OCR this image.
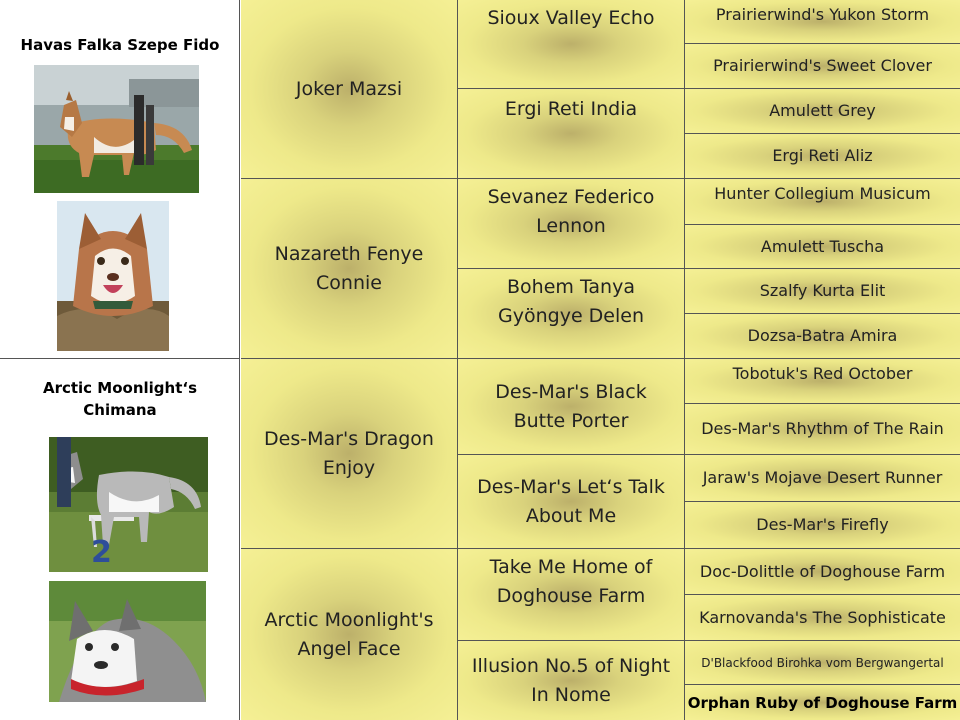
Havas Falka Szepe Fido
Arctic Moonlight‘s Chimana
2
Joker Mazsi
Nazareth Fenye Connie
Des-Mar's Dragon Enjoy
Arctic Moonlight's Angel Face
Sioux Valley Echo
Ergi Reti India
Sevanez Federico Lennon
Bohem Tanya Gyöngye Delen
Des-Mar's Black Butte Porter
Des-Mar's Let‘s Talk About Me
Take Me Home of Doghouse Farm
Illusion No.5 of Night In Nome
Prairierwind's Yukon Storm
Prairierwind's Sweet Clover
Amulett Grey
Ergi Reti Aliz
Hunter Collegium Musicum
Amulett Tuscha
Szalfy Kurta Elit
Dozsa-Batra Amira
Tobotuk's Red October
Des-Mar's Rhythm of The Rain
Jaraw's Mojave Desert Runner
Des-Mar's Firefly
Doc-Dolittle of Doghouse Farm
Karnovanda's The Sophisticate
D'Blackfood Birohka vom Bergwangertal
Orphan Ruby of Doghouse Farm
